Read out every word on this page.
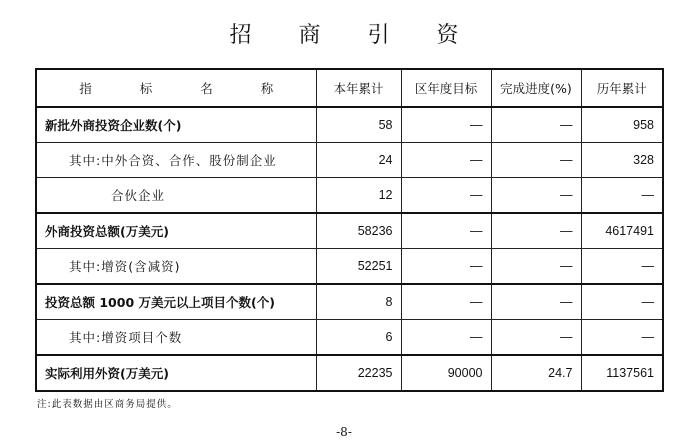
招 商 引 资
指 标 名 称	本年累计	区年度目标	完成进度(%)	历年累计
新批外商投资企业数(个)	58	—	—	958
其中:中外合资、合作、股份制企业	24	—	—	328
合伙企业	12	—	—	—
外商投资总额(万美元)	58236	—	—	4617491
其中:增资(含减资)	52251	—	—	—
投资总额 1000 万美元以上项目个数(个)	8	—	—	—
其中:增资项目个数	6	—	—	—
实际利用外资(万美元)	22235	90000	24.7	1137561
注:此表数据由区商务局提供。
-8-
